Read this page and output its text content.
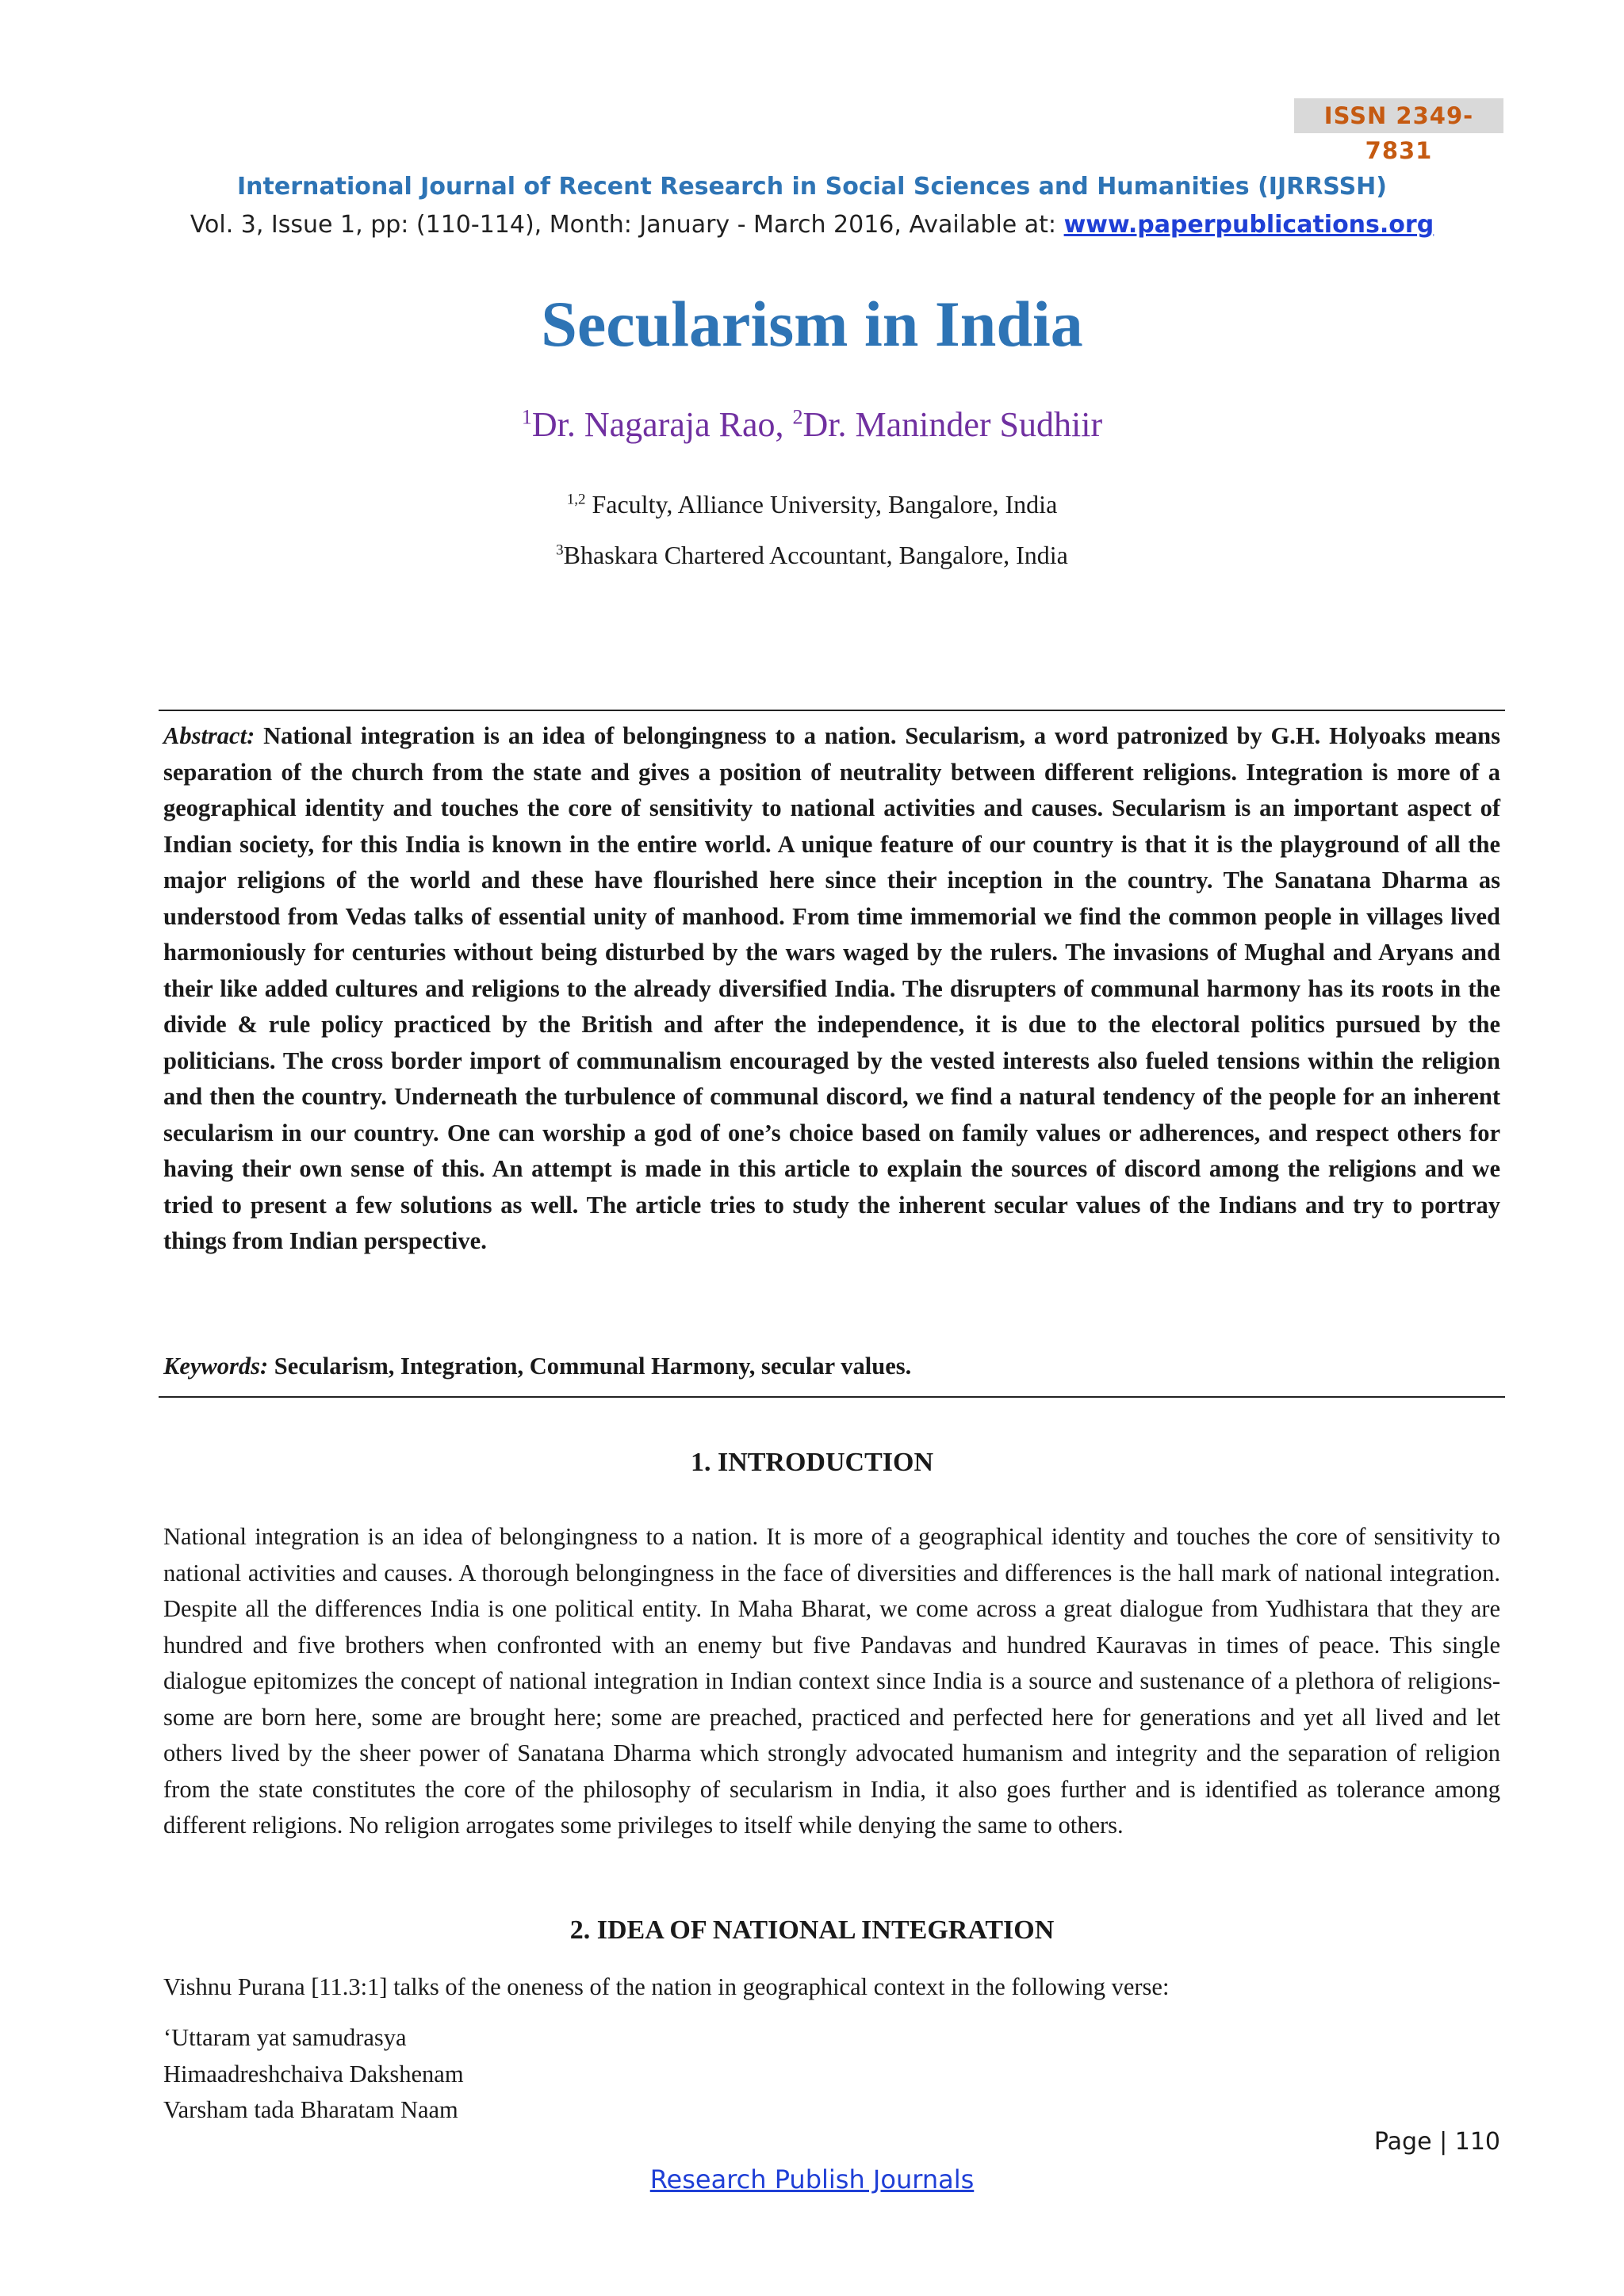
ISSN 2349-7831
International Journal of Recent Research in Social Sciences and Humanities (IJRRSSH)
Vol. 3, Issue 1, pp: (110-114), Month: January - March 2016, Available at: www.paperpublications.org
Secularism in India
$^1$Dr. Nagaraja Rao, $^2$Dr. Maninder Sudhiir
$^{1,2}$ Faculty, Alliance University, Bangalore, India
$^3$Bhaskara Chartered Accountant, Bangalore, India
Abstract: National integration is an idea of belongingness to a nation. Secularism, a word patronized by G.H. Holyoaks means separation of the church from the state and gives a position of neutrality between different religions. Integration is more of a geographical identity and touches the core of sensitivity to national activities and causes. Secularism is an important aspect of Indian society, for this India is known in the entire world. A unique feature of our country is that it is the playground of all the major religions of the world and these have flourished here since their inception in the country. The Sanatana Dharma as understood from Vedas talks of essential unity of manhood. From time immemorial we find the common people in villages lived harmoniously for centuries without being disturbed by the wars waged by the rulers. The invasions of Mughal and Aryans and their like added cultures and religions to the already diversified India. The disrupters of communal harmony has its roots in the divide & rule policy practiced by the British and after the independence, it is due to the electoral politics pursued by the politicians. The cross border import of communalism encouraged by the vested interests also fueled tensions within the religion and then the country. Underneath the turbulence of communal discord, we find a natural tendency of the people for an inherent secularism in our country. One can worship a god of one’s choice based on family values or adherences, and respect others for having their own sense of this. An attempt is made in this article to explain the sources of discord among the religions and we tried to present a few solutions as well. The article tries to study the inherent secular values of the Indians and try to portray things from Indian perspective.
Keywords: Secularism, Integration, Communal Harmony, secular values.
1. INTRODUCTION
National integration is an idea of belongingness to a nation. It is more of a geographical identity and touches the core of sensitivity to national activities and causes. A thorough belongingness in the face of diversities and differences is the hall mark of national integration. Despite all the differences India is one political entity. In Maha Bharat, we come across a great dialogue from Yudhistara that they are hundred and five brothers when confronted with an enemy but five Pandavas and hundred Kauravas in times of peace. This single dialogue epitomizes the concept of national integration in Indian context since India is a source and sustenance of a plethora of religions- some are born here, some are brought here; some are preached, practiced and perfected here for generations and yet all lived and let others lived by the sheer power of Sanatana Dharma which strongly advocated humanism and integrity and the separation of religion from the state constitutes the core of the philosophy of secularism in India, it also goes further and is identified as tolerance among different religions. No religion arrogates some privileges to itself while denying the same to others.
2. IDEA OF NATIONAL INTEGRATION
Vishnu Purana [11.3:1] talks of the oneness of the nation in geographical context in the following verse:
‘Uttaram yat samudrasya
Himaadreshchaiva Dakshenam
Varsham tada Bharatam Naam
Page | 110
Research Publish Journals
